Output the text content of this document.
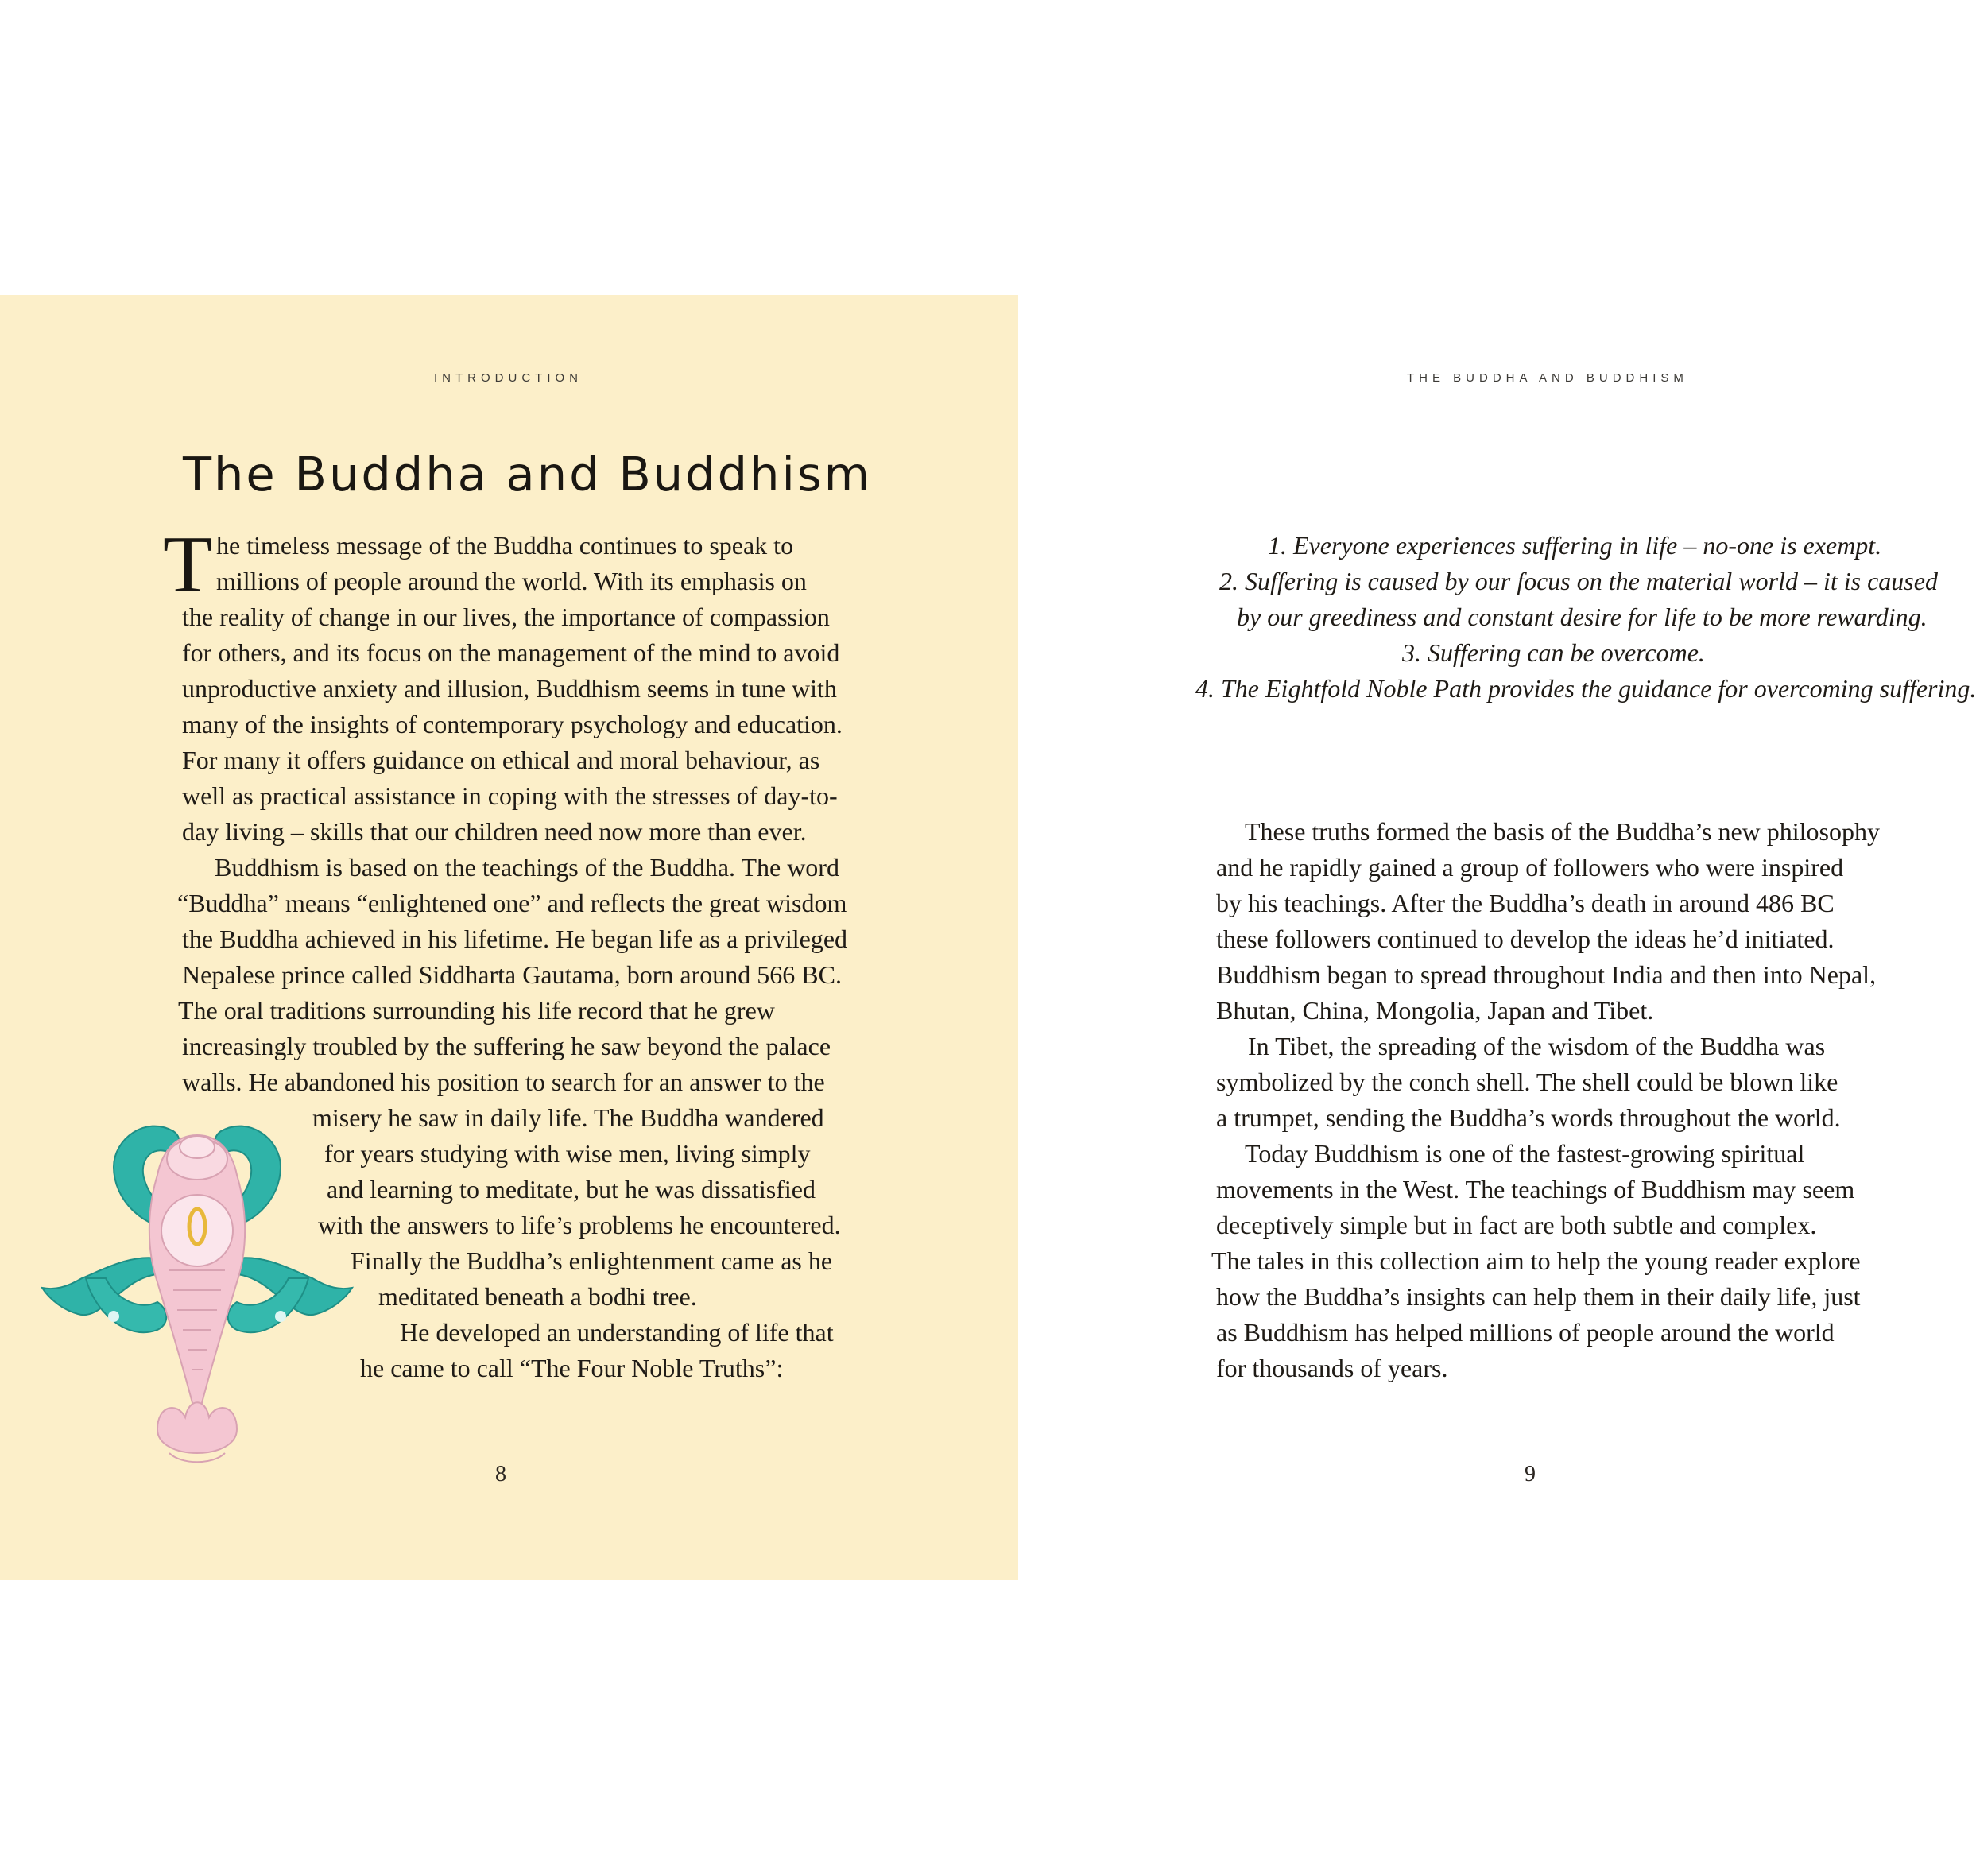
INTRODUCTION
The Buddha and Buddhism
T he timeless message of the Buddha continues to speak to
millions of people around the world. With its emphasis on
the reality of change in our lives, the importance of compassion
for others, and its focus on the management of the mind to avoid
unproductive anxiety and illusion, Buddhism seems in tune with
many of the insights of contemporary psychology and education.
For many it offers guidance on ethical and moral behaviour, as
well as practical assistance in coping with the stresses of day-to-
day living – skills that our children need now more than ever.
Buddhism is based on the teachings of the Buddha. The word
“Buddha” means “enlightened one” and reflects the great wisdom
the Buddha achieved in his lifetime. He began life as a privileged
Nepalese prince called Siddharta Gautama, born around 566 BC.
The oral traditions surrounding his life record that he grew
increasingly troubled by the suffering he saw beyond the palace
walls. He abandoned his position to search for an answer to the
misery he saw in daily life. The Buddha wandered
for years studying with wise men, living simply
and learning to meditate, but he was dissatisfied
with the answers to life’s problems he encountered.
Finally the Buddha’s enlightenment came as he
meditated beneath a bodhi tree.
He developed an understanding of life that
he came to call “The Four Noble Truths”:
8
THE BUDDHA AND BUDDHISM
1. Everyone experiences suffering in life – no-one is exempt.
2. Suffering is caused by our focus on the material world – it is caused
by our greediness and constant desire for life to be more rewarding.
3. Suffering can be overcome.
4. The Eightfold Noble Path provides the guidance for overcoming suffering.
These truths formed the basis of the Buddha’s new philosophy
and he rapidly gained a group of followers who were inspired
by his teachings. After the Buddha’s death in around 486 BC
these followers continued to develop the ideas he’d initiated.
Buddhism began to spread throughout India and then into Nepal,
Bhutan, China, Mongolia, Japan and Tibet.
In Tibet, the spreading of the wisdom of the Buddha was
symbolized by the conch shell. The shell could be blown like
a trumpet, sending the Buddha’s words throughout the world.
Today Buddhism is one of the fastest-growing spiritual
movements in the West. The teachings of Buddhism may seem
deceptively simple but in fact are both subtle and complex.
The tales in this collection aim to help the young reader explore
how the Buddha’s insights can help them in their daily life, just
as Buddhism has helped millions of people around the world
for thousands of years.
9
